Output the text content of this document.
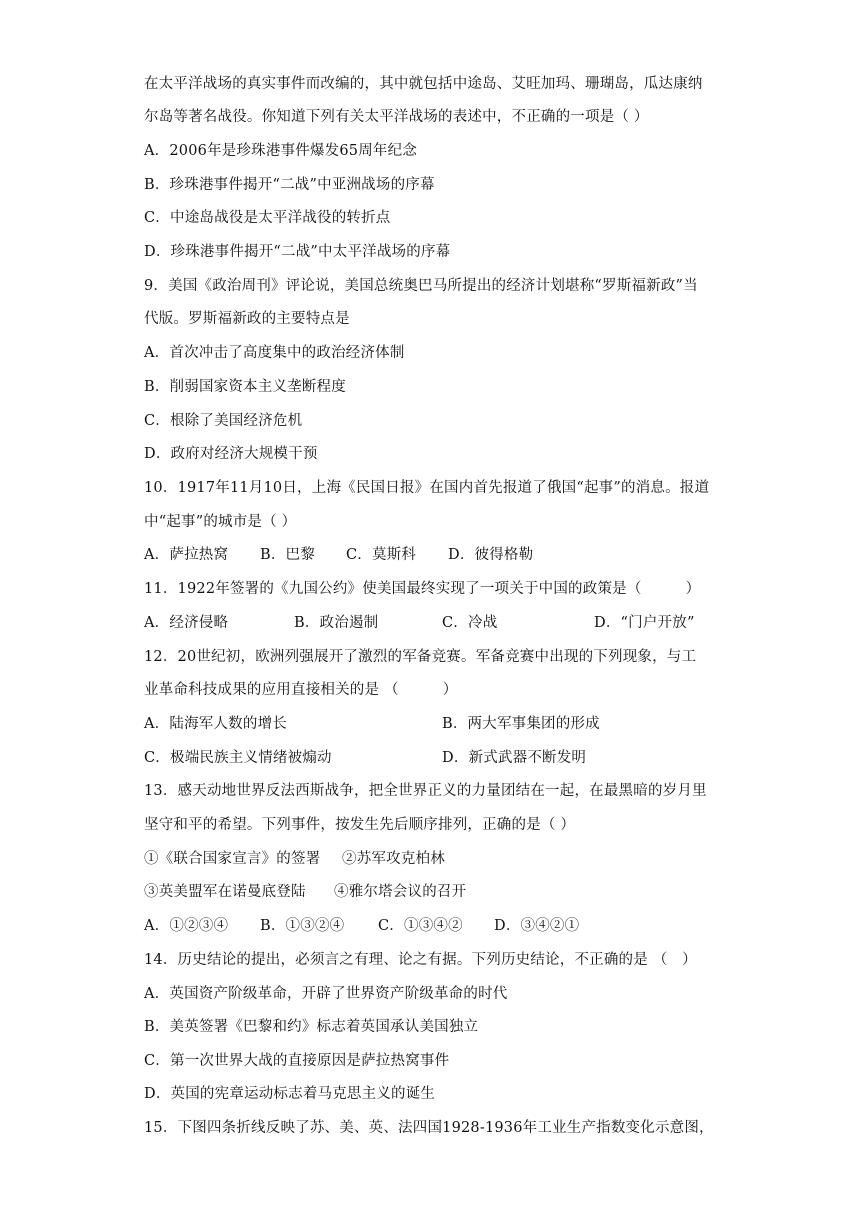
在太平洋战场的真实事件而改编的，其中就包括中途岛、艾旺加玛、珊瑚岛，瓜达康纳
尔岛等著名战役。你知道下列有关太平洋战场的表述中，不正确的一项是（ ）
A．2006年是珍珠港事件爆发65周年纪念
B．珍珠港事件揭开“二战”中亚洲战场的序幕
C．中途岛战役是太平洋战役的转折点
D．珍珠港事件揭开“二战”中太平洋战场的序幕
9．美国《政治周刊》评论说，美国总统奥巴马所提出的经济计划堪称“罗斯福新政”当
代版。罗斯福新政的主要特点是
A．首次冲击了高度集中的政治经济体制
B．削弱国家资本主义垄断程度
C．根除了美国经济危机
D．政府对经济大规模干预
10．1917年11月10日，上海《民国日报》在国内首先报道了俄国“起事”的消息。报道
中“起事”的城市是（ ）
A．萨拉热窝 B．巴黎 C．莫斯科 D．彼得格勒
11．1922年签署的《九国公约》使美国最终实现了一项关于中国的政策是（　　　）
A．经济侵略	B．政治遏制	C．冷战	D．“门户开放”
12．20世纪初，欧洲列强展开了激烈的军备竞赛。军备竞赛中出现的下列现象，与工
业革命科技成果的应用直接相关的是 （　　　）
A．陆海军人数的增长	B．两大军事集团的形成
C．极端民族主义情绪被煽动	D．新式武器不断发明
13．感天动地世界反法西斯战争，把全世界正义的力量团结在一起，在最黑暗的岁月里
坚守和平的希望。下列事件，按发生先后顺序排列，正确的是（ ）
①《联合国家宣言》的签署 ②苏军攻克柏林
③英美盟军在诺曼底登陆 ④雅尔塔会议的召开
A．①②③④ B．①③②④ C．①③④② D．③④②①
14．历史结论的提出，必须言之有理、论之有据。下列历史结论，不正确的是 （　）
A．英国资产阶级革命，开辟了世界资产阶级革命的时代
B．美英签署《巴黎和约》标志着英国承认美国独立
C．第一次世界大战的直接原因是萨拉热窝事件
D．英国的宪章运动标志着马克思主义的诞生
15．下图四条折线反映了苏、美、英、法四国1928-1936年工业生产指数变化示意图，
